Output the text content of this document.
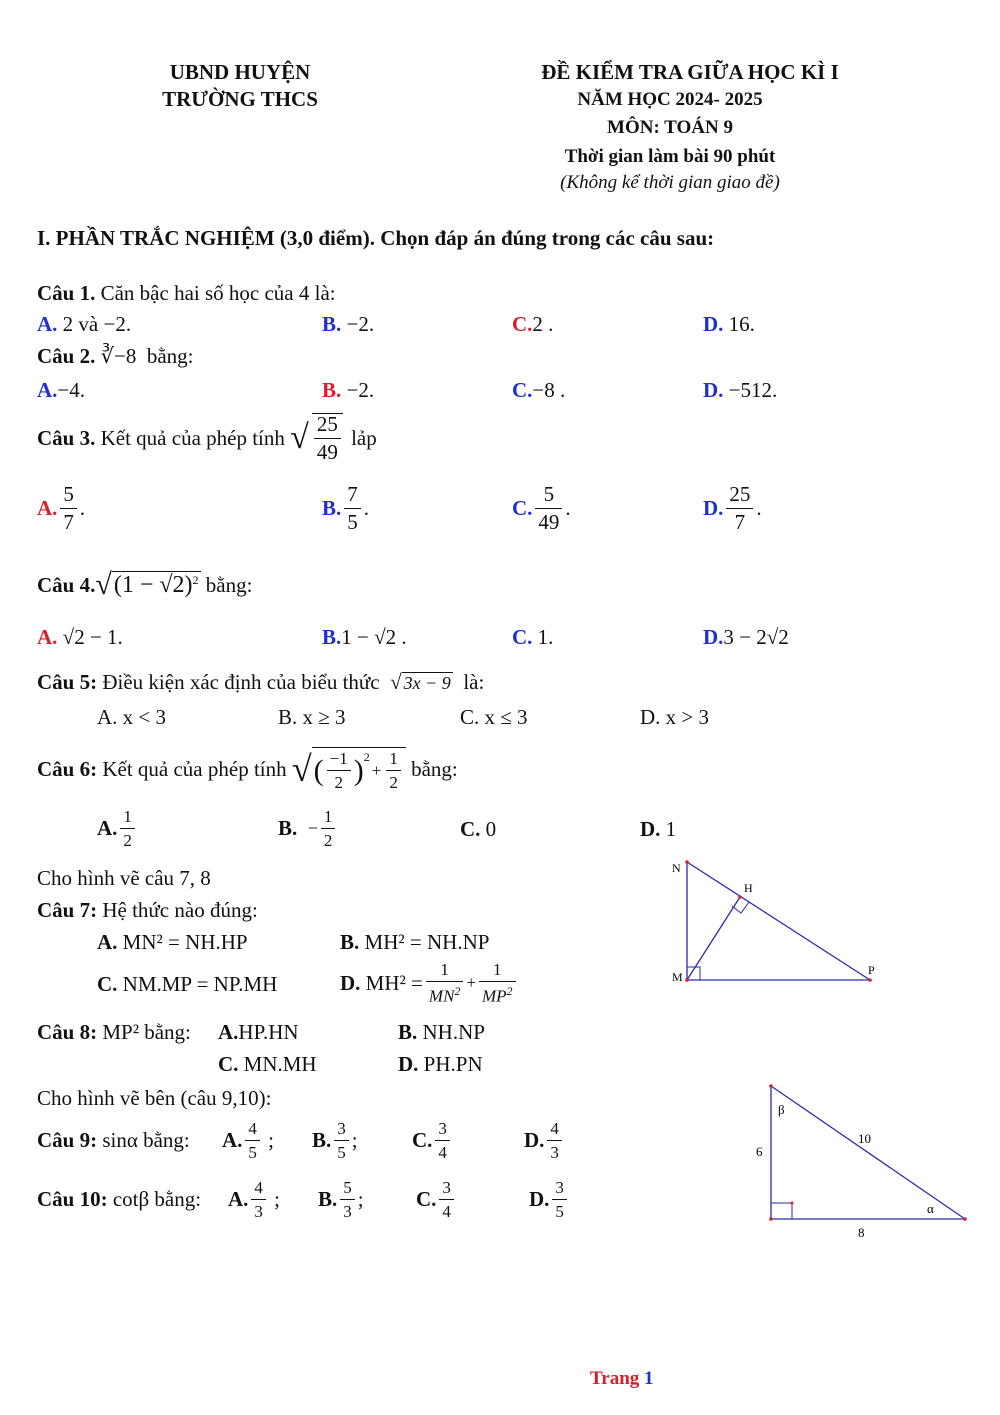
UBND HUYỆN
TRƯỜNG THCS
ĐỀ KIỂM TRA GIỮA HỌC KÌ I
NĂM HỌC 2024- 2025
MÔN: TOÁN 9
Thời gian làm bài 90 phút
(Không kể thời gian giao đề)
I. PHẦN TRẮC NGHIỆM (3,0 điểm). Chọn đáp án đúng trong các câu sau:
Câu 1. Căn bậc hai số học của 4 là:
A. 2 và −2.	B. −2.	C.2 .	D. 16.
Câu 2. ∛−8 bằng:
A.−4.	B. −2.	C.−8 .	D. −512.
Câu 3.
Kết quả của phép tính
√ $\frac{25}{49}$
lảp
A. $\frac{5}{7}$ .	B. $\frac{7}{5}$ .	C. $\frac{5}{49}$ .	D. $\frac{25}{7}$ .
Câu 4. √ $(1 - √2)^2$
bằng:
A. √2 − 1.	B.1 − √2 .	C. 1.	D.3 − 2√2
Câu 5: Điều kiện xác định của biểu thức √ 3x − 9 là:
A. x < 3	B. x ≥ 3	C. x ≤ 3	D. x > 3
Câu 6:
Kết quả của phép tính
√ ( $\frac{-1}{2} )^2$
+ $\frac{1}{2}$
bằng:
A. $\frac{1}{2}$	B.
− $\frac{1}{2}$	C. 0	D. 1
Cho hình vẽ câu 7, 8
Câu 7: Hệ thức nào đúng:
A. MN² = NH.HP	B. MH² = NH.NP
C. NM.MP = NP.MH	D.
$MH^2 = \frac{1}{MN^2} + \frac{1}{MP^2}$
Câu 8: MP² bằng: A.HP.HN	B. NH.NP
C. MN.MH	D. PH.PN
Cho hình vẽ bên (câu 9,10):
Câu 9:
sinα bằng: A. $\frac{4}{5}$ ; B. $\frac{3}{5}$ ;	C. $\frac{3}{4}$	D. $\frac{4}{3}$
Câu 10:
cotβ bằng: A. $\frac{4}{3}$ ; B. $\frac{5}{3}$ ; C. $\frac{3}{4}$	D. $\frac{3}{5}$
N
H
M	P
β
α
6
10
8
Trang 1
